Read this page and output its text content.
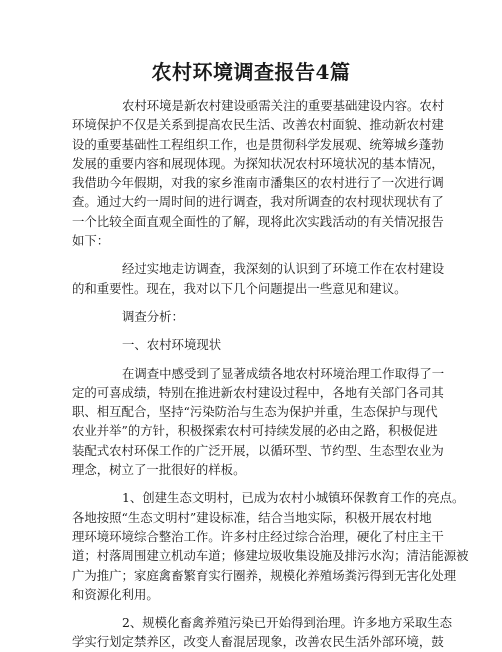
农村环境调查报告4篇

农村环境是新农村建设亟需关注的重要基础建设内容。农村
环境保护不仅是关系到提高农民生活、改善农村面貌、推动新农村建
设的重要基础性工程组织工作，也是贯彻科学发展观、统筹城乡蓬勃
发展的重要内容和展现体现。为探知状况农村环境状况的基本情况，
我借助今年假期，对我的家乡淮南市潘集区的农村进行了一次进行调
查。通过大约一周时间的进行调查，我对所调查的农村现状现状有了
一个比较全面直观全面性的了解，现将此次实践活动的有关情况报告
如下：

经过实地走访调查，我深刻的认识到了环境工作在农村建设
的和重要性。现在，我对以下几个问题提出一些意见和建议。

调查分析：

一、农村环境现状

在调查中感受到了显著成绩各地农村环境治理工作取得了一
定的可喜成绩，特别在推进新农村建设过程中，各地有关部门各司其
职、相互配合，坚持“污染防治与生态为保护并重，生态保护与现代
农业并举”的方针，积极探索农村可持续发展的必由之路，积极促进
装配式农村环保工作的广泛开展，以循环型、节约型、生态型农业为
理念，树立了一批很好的样板。

1、创建生态文明村，已成为农村小城镇环保教育工作的亮点。
各地按照“生态文明村”建设标准，结合当地实际，积极开展农村地
理环境环境综合整治工作。许多村庄经过综合治理，硬化了村庄主干
道；村落周围建立机动车道；修建垃圾收集设施及排污水沟；清洁能源被
广为推广；家庭禽畜繁育实行圈养，规模化养殖场粪污得到无害化处理
和资源化利用。

2、规模化畜禽养殖污染已开始得到治理。许多地方采取生态
学实行划定禁养区，改变人畜混居现象，改善农民生活外部环境，鼓
